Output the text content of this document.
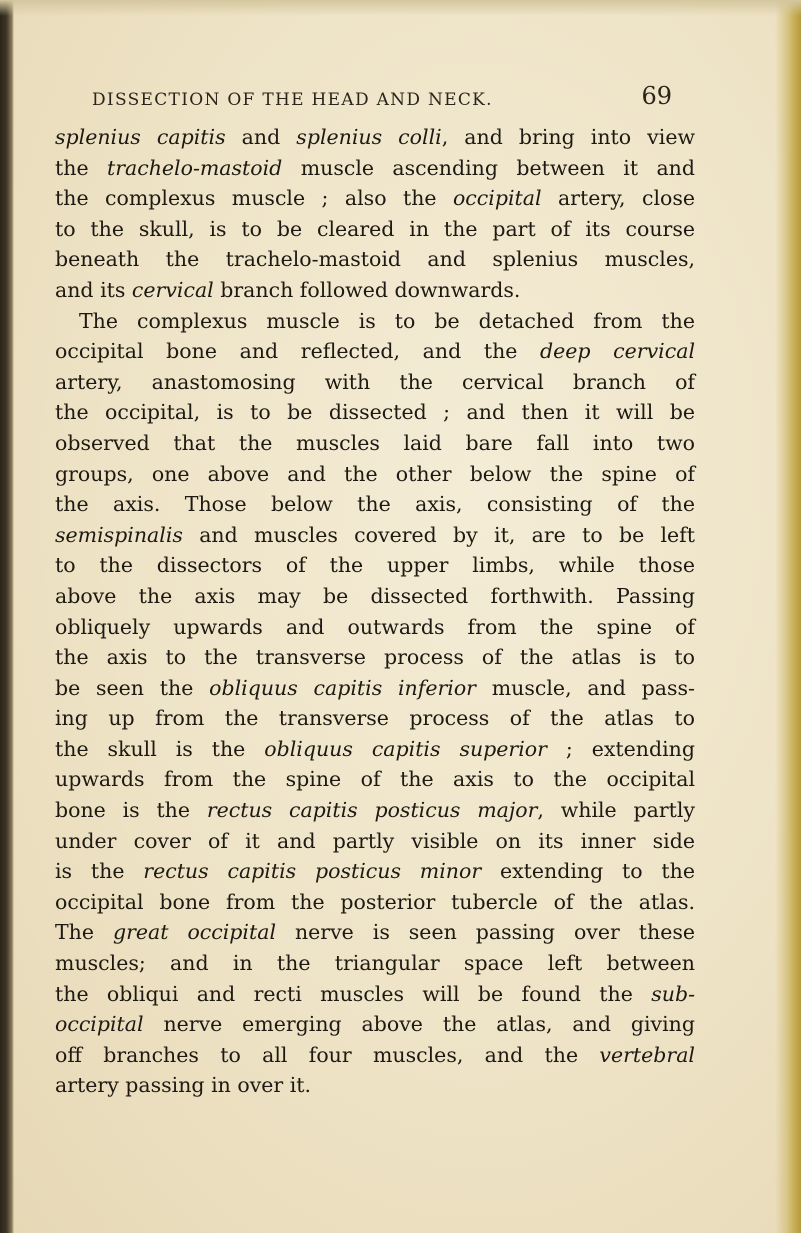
DISSECTION OF THE HEAD AND NECK.	69
splenius capitis and splenius colli, and bring into view
the trachelo-mastoid muscle ascending between it and
the complexus muscle ; also the occipital artery, close
to the skull, is to be cleared in the part of its course
beneath the trachelo-mastoid and splenius muscles,
and its cervical branch followed downwards.
The complexus muscle is to be detached from the
occipital bone and reflected, and the deep cervical
artery, anastomosing with the cervical branch of
the occipital, is to be dissected ; and then it will be
observed that the muscles laid bare fall into two
groups, one above and the other below the spine of
the axis. Those below the axis, consisting of the
semispinalis and muscles covered by it, are to be left
to the dissectors of the upper limbs, while those
above the axis may be dissected forthwith. Passing
obliquely upwards and outwards from the spine of
the axis to the transverse process of the atlas is to
be seen the obliquus capitis inferior muscle, and pass-
ing up from the transverse process of the atlas to
the skull is the obliquus capitis superior ; extending
upwards from the spine of the axis to the occipital
bone is the rectus capitis posticus major, while partly
under cover of it and partly visible on its inner side
is the rectus capitis posticus minor extending to the
occipital bone from the posterior tubercle of the atlas.
The great occipital nerve is seen passing over these
muscles; and in the triangular space left between
the obliqui and recti muscles will be found the sub-
occipital nerve emerging above the atlas, and giving
off branches to all four muscles, and the vertebral
artery passing in over it.
